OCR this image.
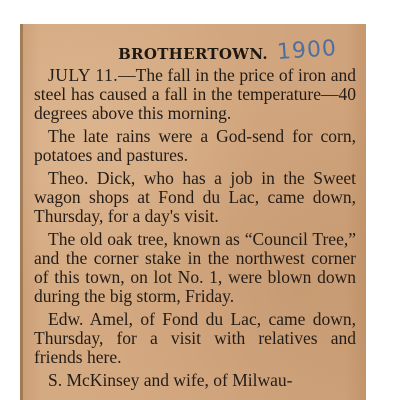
BROTHERTOWN. 1900

JULY 11.—The fall in the price of iron and steel has caused a fall in the temperature—40 degrees above this morning.

The late rains were a God-send for corn, potatoes and pastures.

Theo. Dick, who has a job in the Sweet wagon shops at Fond du Lac, came down, Thursday, for a day's visit.

The old oak tree, known as “Council Tree,” and the corner stake in the northwest corner of this town, on lot No. 1, were blown down during the big storm, Friday.

Edw. Amel, of Fond du Lac, came down, Thursday, for a visit with relatives and friends here.

S. McKinsey and wife, of Milwau-
